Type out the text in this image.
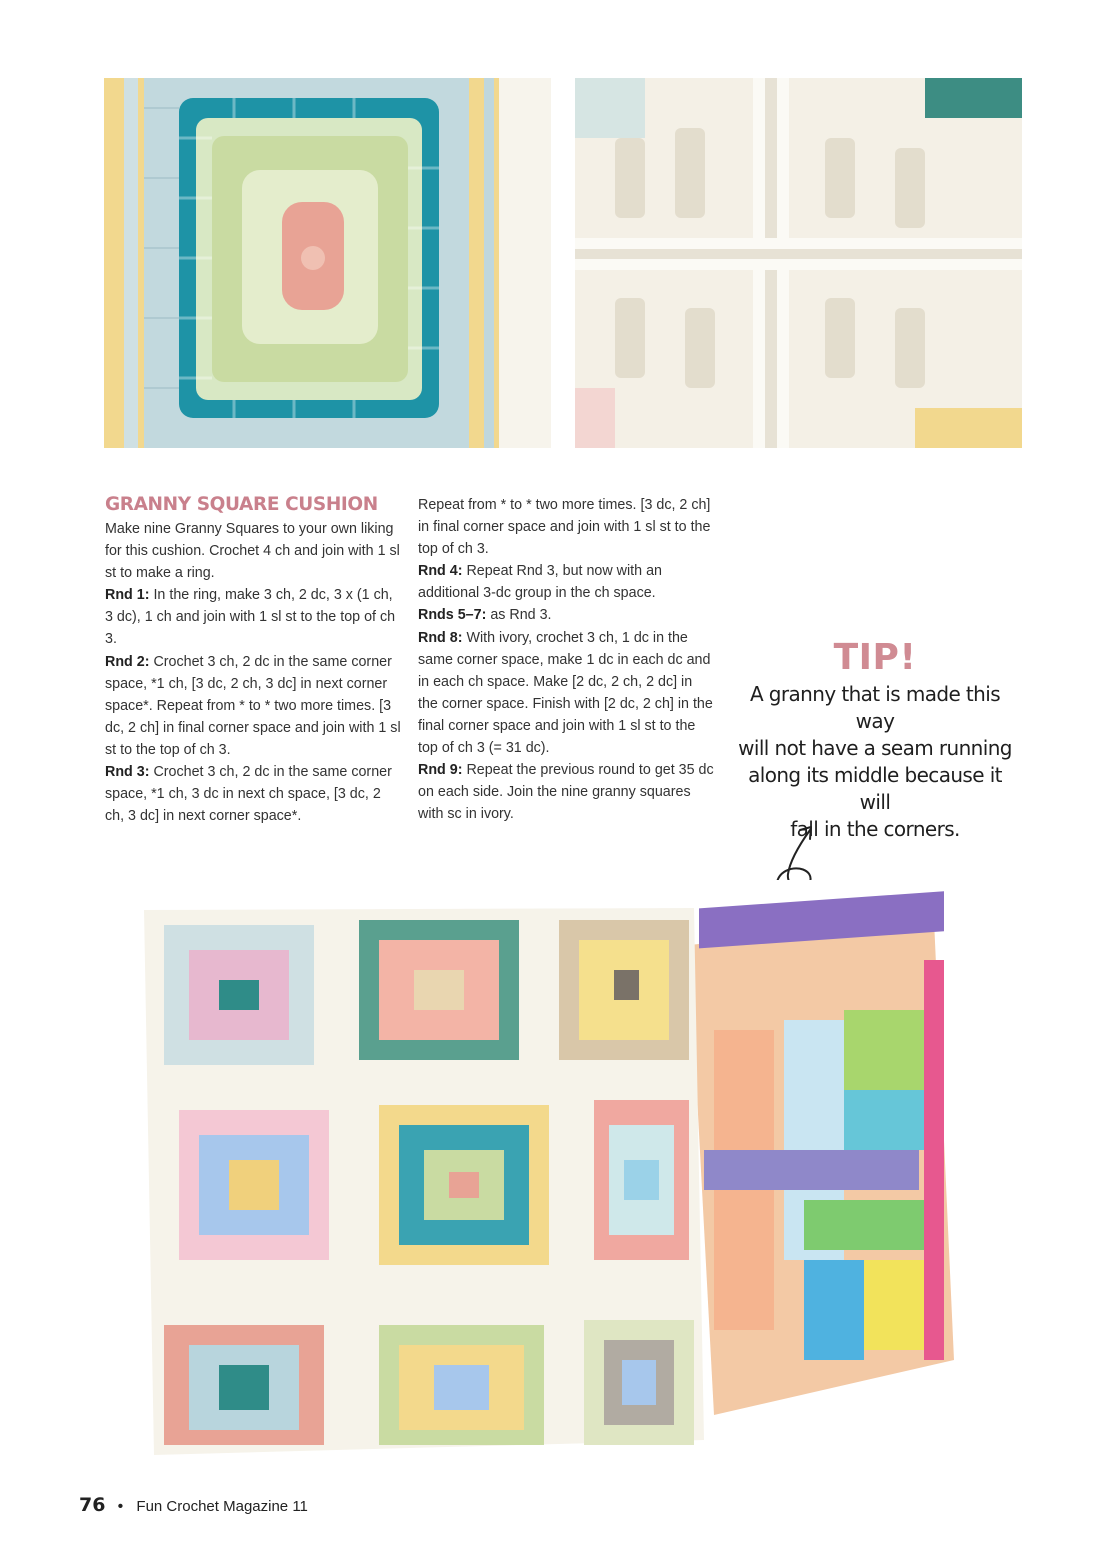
GRANNY SQUARE CUSHION

Make nine Granny Squares to your own liking for this cushion. Crochet 4 ch and join with 1 sl st to make a ring.

Rnd 1: In the ring, make 3 ch, 2 dc, 3 x (1 ch, 3 dc), 1 ch and join with 1 sl st to the top of ch 3.

Rnd 2: Crochet 3 ch, 2 dc in the same corner space, *1 ch, [3 dc, 2 ch, 3 dc] in next corner space*. Repeat from * to * two more times. [3 dc, 2 ch] in final corner space and join with 1 sl st to the top of ch 3.

Rnd 3: Crochet 3 ch, 2 dc in the same corner space, *1 ch, 3 dc in next ch space, [3 dc, 2 ch, 3 dc] in next corner space*.

Repeat from * to * two more times. [3 dc, 2 ch] in final corner space and join with 1 sl st to the top of ch 3.

Rnd 4: Repeat Rnd 3, but now with an additional 3-dc group in the ch space.

Rnds 5–7: as Rnd 3.

Rnd 8: With ivory, crochet 3 ch, 1 dc in the same corner space, make 1 dc in each dc and in each ch space. Make [2 dc, 2 ch, 2 dc] in the corner space. Finish with [2 dc, 2 ch] in the final corner space and join with 1 sl st to the top of ch 3 (= 31 dc).

Rnd 9: Repeat the previous round to get 35 dc on each side. Join the nine granny squares with sc in ivory.

TIP!
A granny that is made this way
will not have a seam running
along its middle because it will
fall in the corners.
76 • Fun Crochet Magazine 11
